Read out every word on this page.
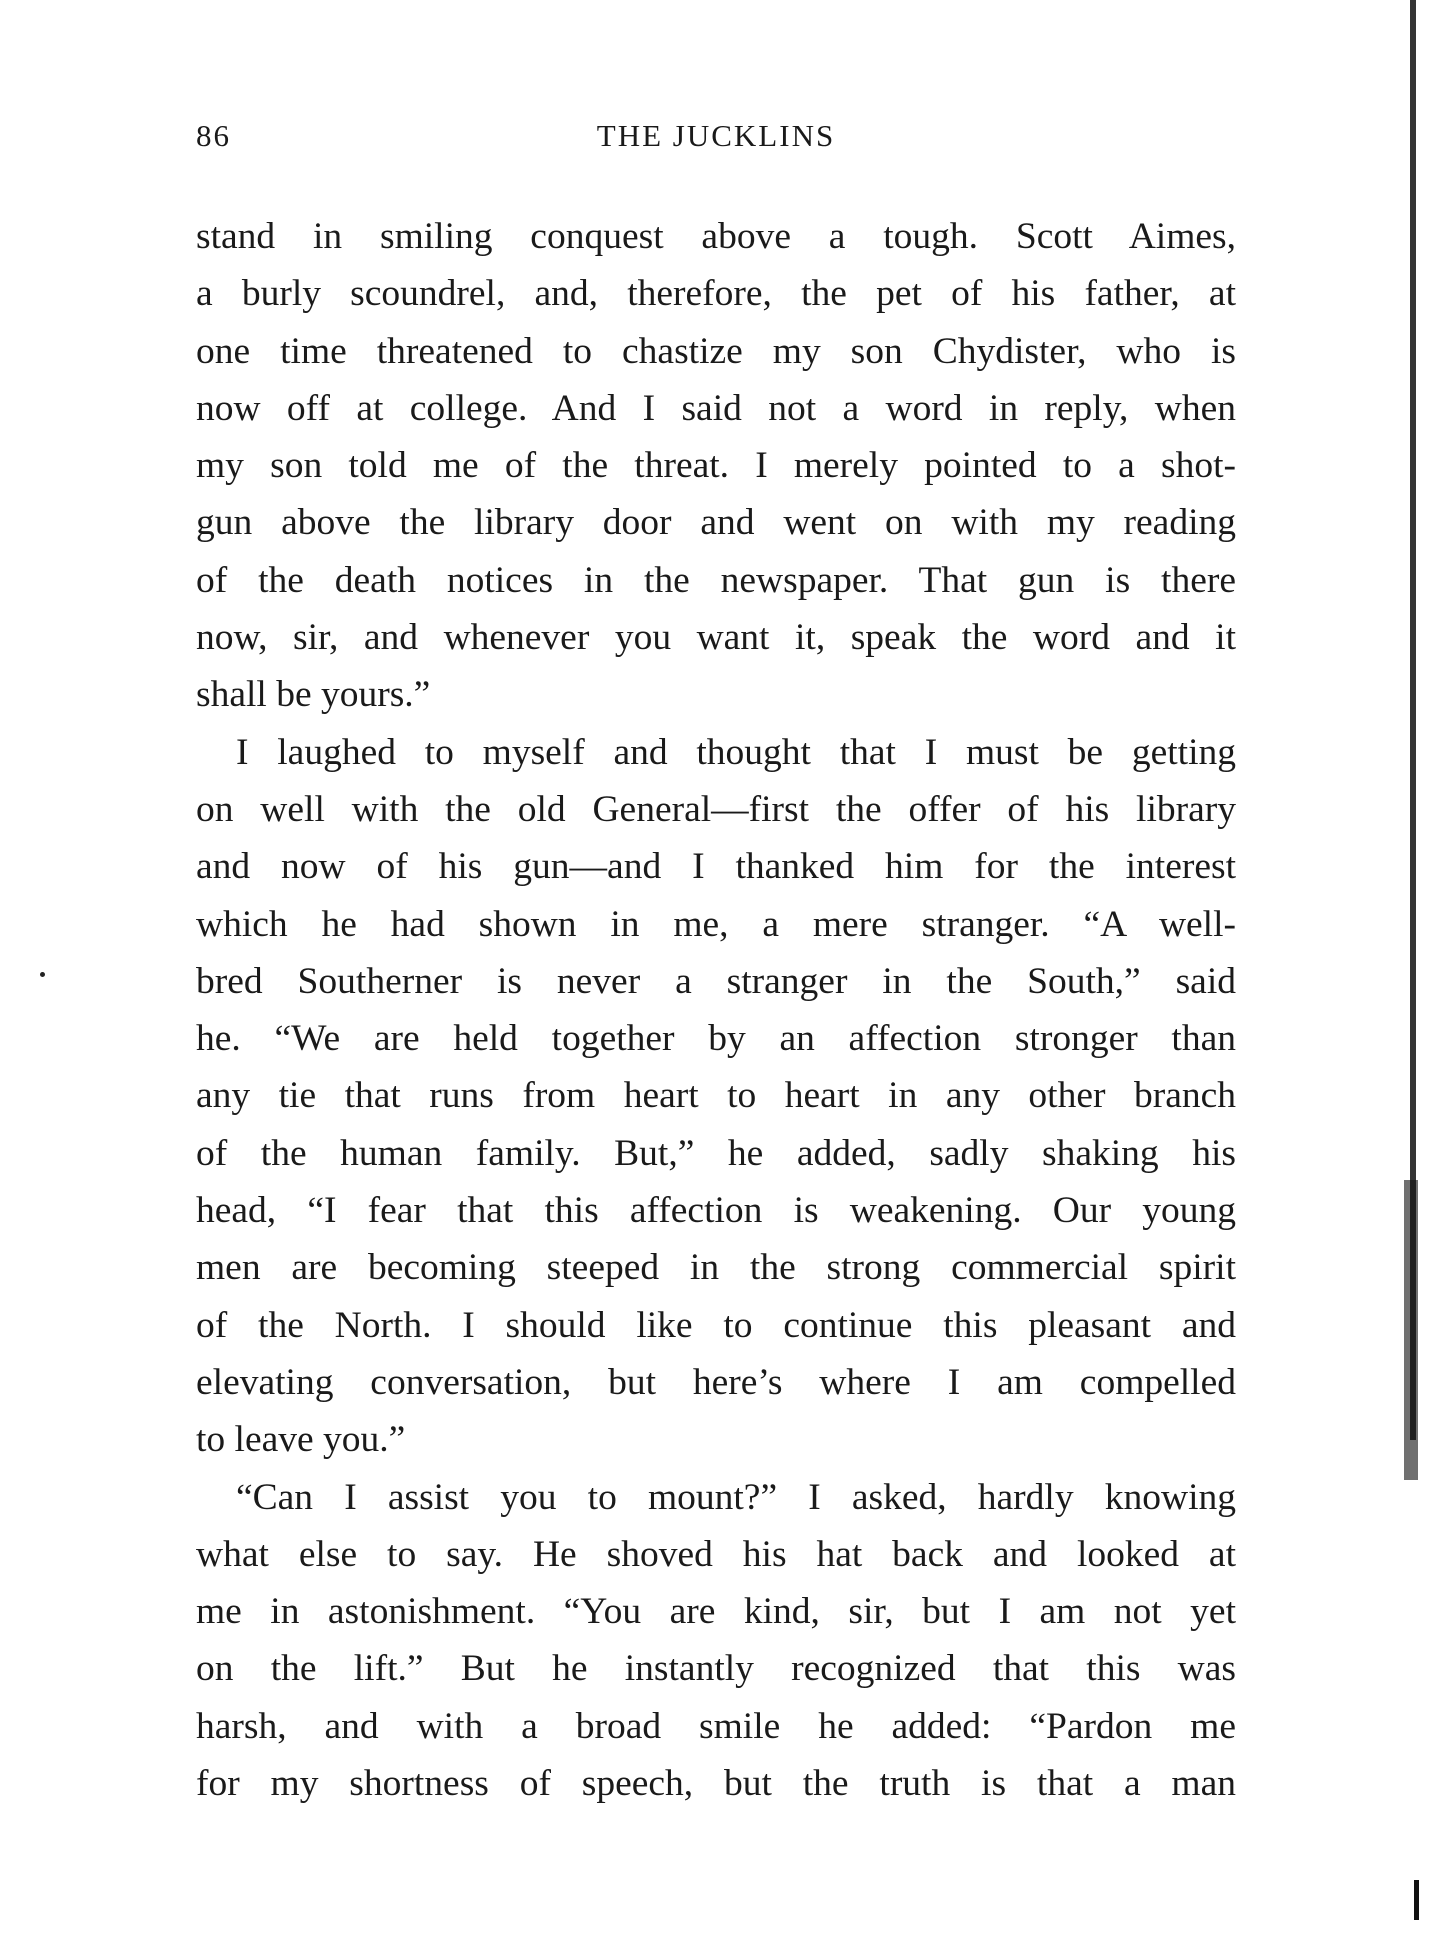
86	THE JUCKLINS
stand in smiling conquest above a tough. Scott Aimes,
a burly scoundrel, and, therefore, the pet of his father, at
one time threatened to chastize my son Chydister, who is
now off at college. And I said not a word in reply, when
my son told me of the threat. I merely pointed to a shot-
gun above the library door and went on with my reading
of the death notices in the newspaper. That gun is there
now, sir, and whenever you want it, speak the word and it
shall be yours.”
I laughed to myself and thought that I must be getting
on well with the old General—first the offer of his library
and now of his gun—and I thanked him for the interest
which he had shown in me, a mere stranger. “A well-
bred Southerner is never a stranger in the South,” said
he. “We are held together by an affection stronger than
any tie that runs from heart to heart in any other branch
of the human family. But,” he added, sadly shaking his
head, “I fear that this affection is weakening. Our young
men are becoming steeped in the strong commercial spirit
of the North. I should like to continue this pleasant and
elevating conversation, but here’s where I am compelled
to leave you.”
“Can I assist you to mount?” I asked, hardly knowing
what else to say. He shoved his hat back and looked at
me in astonishment. “You are kind, sir, but I am not yet
on the lift.” But he instantly recognized that this was
harsh, and with a broad smile he added: “Pardon me
for my shortness of speech, but the truth is that a man
